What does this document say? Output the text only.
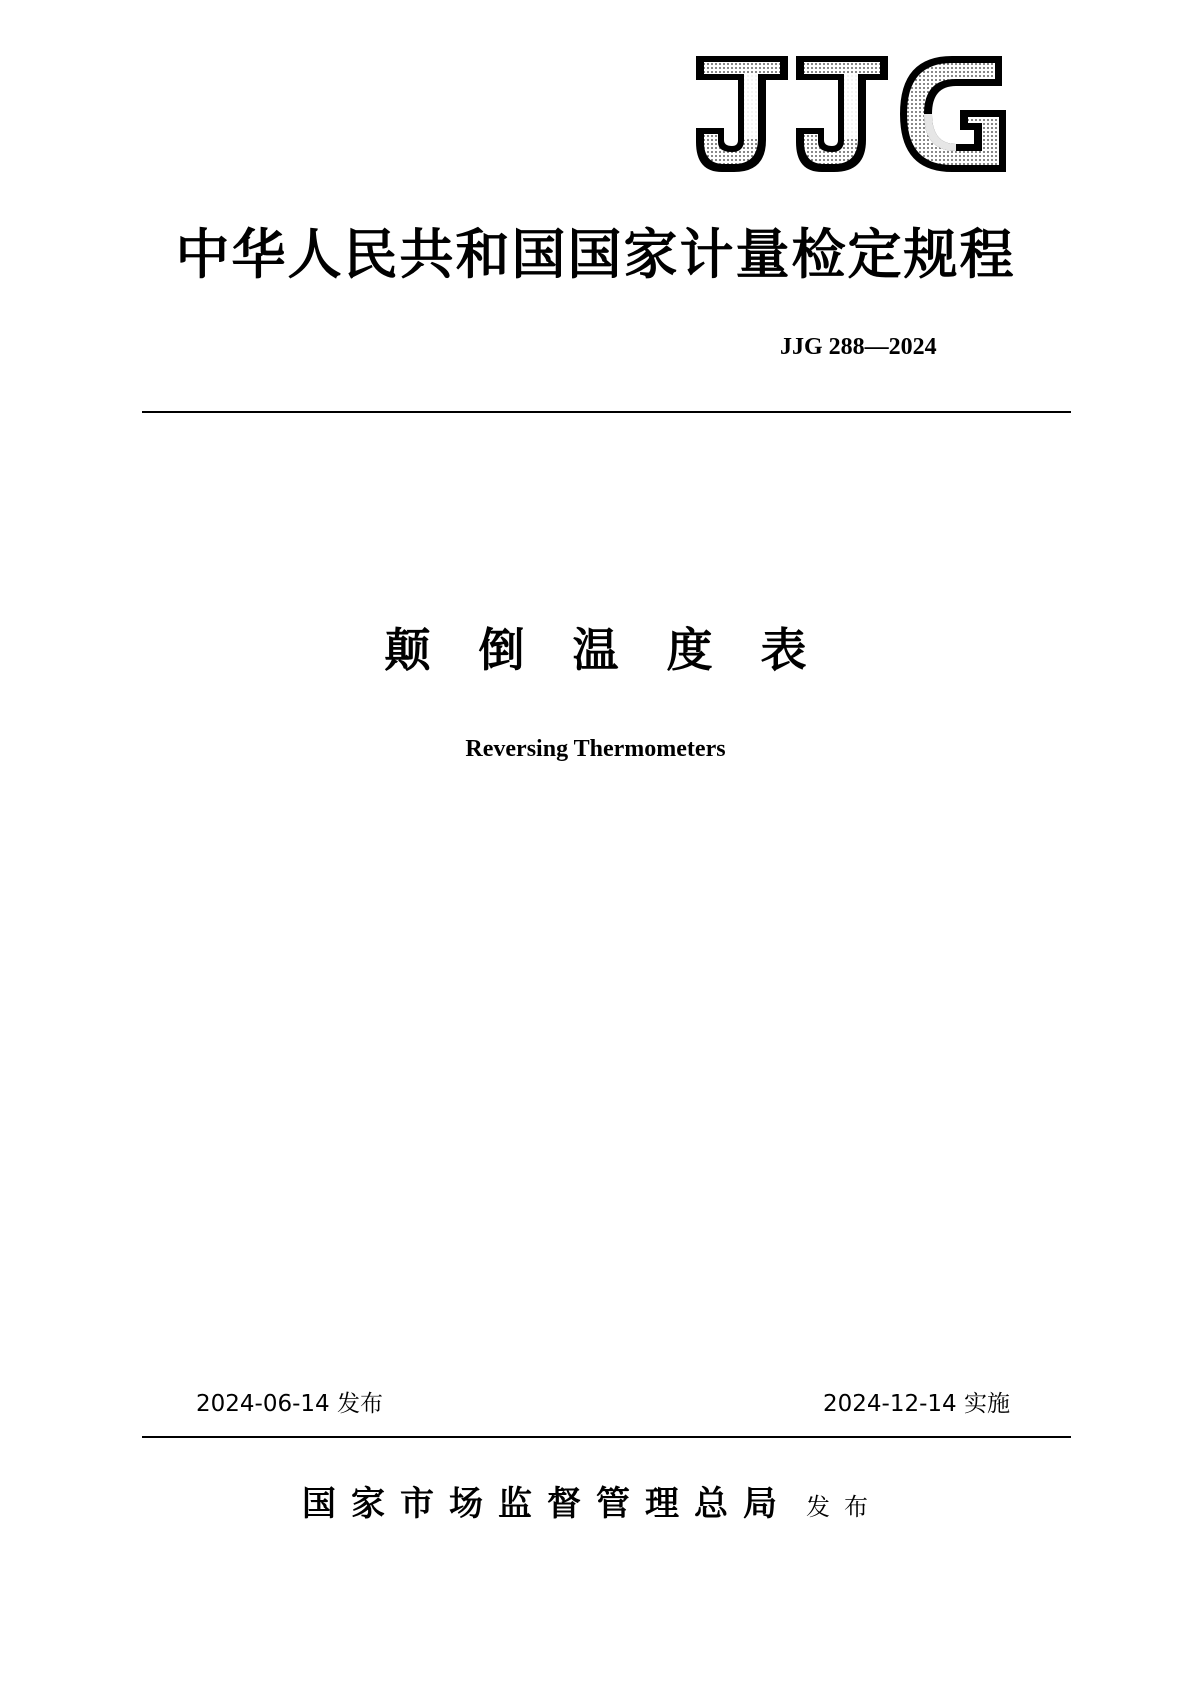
中华人民共和国国家计量检定规程
JJG 288—2024
颠倒温度表
Reversing Thermometers
2024-06-14 发布	2024-12-14 实施
国家市场监督管理总局 发布
